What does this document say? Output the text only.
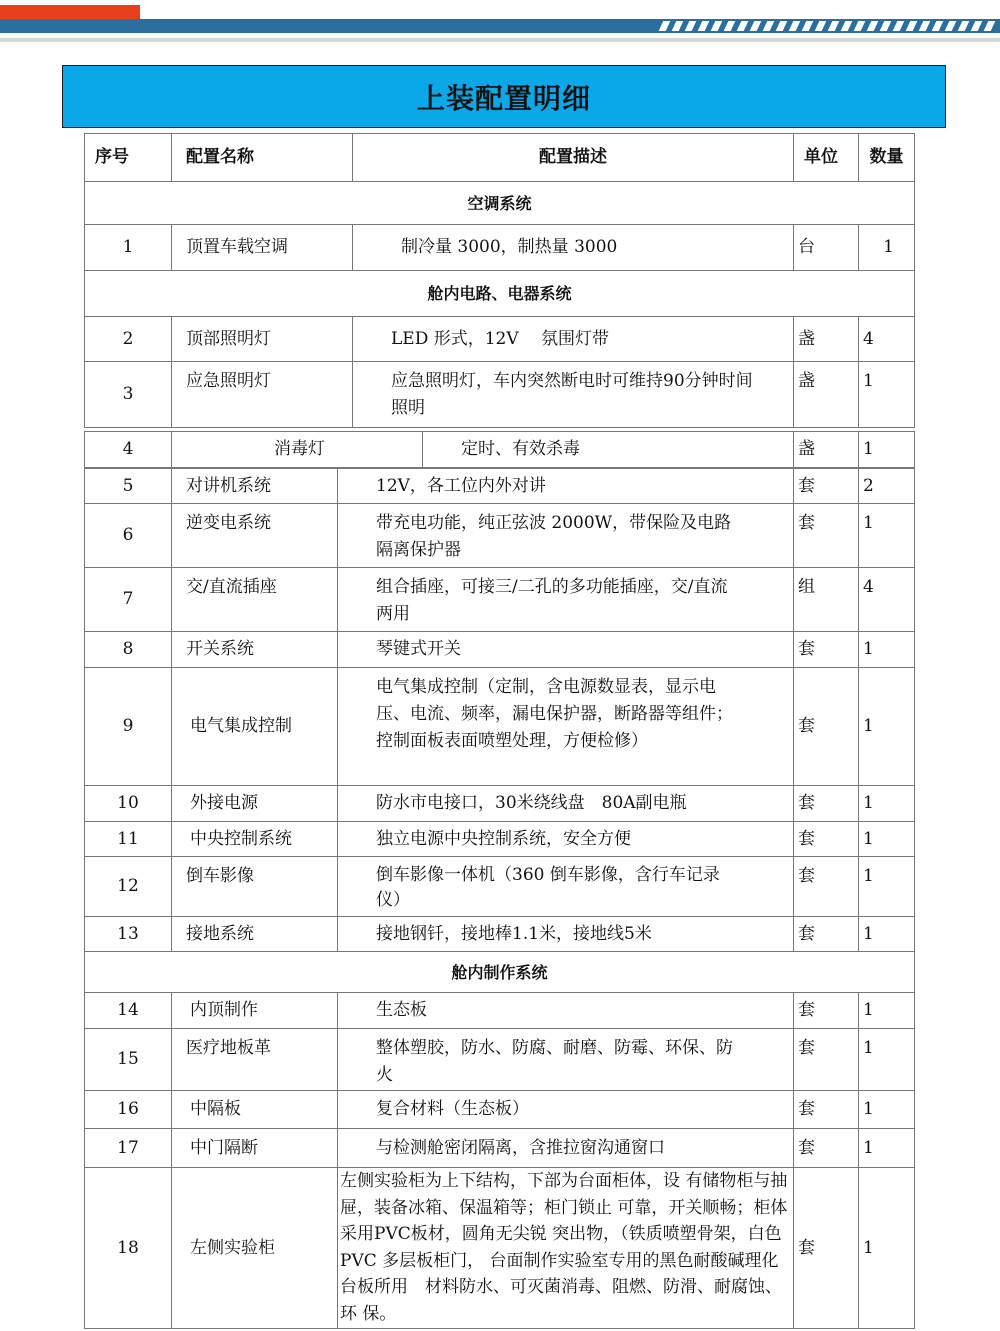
上装配置明细
序号	配置名称	配置描述	单位	数量

空调系统				
1	顶置车载空调	制冷量 3000，制热量 3000	台	1
舱内电路、电器系统				
2	顶部照明灯	LED 形式，12V　 氛围灯带	盏	4
3	应急照明灯	应急照明灯，车内突然断电时可维持90分钟时间照明	盏	1
4	消毒灯	定时、有效杀毒	盏	1
5	对讲机系统	12V，各工位内外对讲	套	2
6	逆变电系统	带充电功能，纯正弦波 2000W，带保险及电路隔离保护器	套	1
7	交/直流插座	组合插座，可接三/二孔的多功能插座，交/直流两用	组	4
8	开关系统	琴键式开关	套	1
9	电气集成控制	电气集成控制（定制，含电源数显表，显示电压、电流、频率，漏电保护器，断路器等组件；控制面板表面喷塑处理，方便检修）	套	1
10	外接电源	防水市电接口，30米绕线盘　80A副电瓶	套	1
11	中央控制系统	独立电源中央控制系统，安全方便	套	1
12	倒车影像	倒车影像一体机（360 倒车影像，含行车记录仪）	套	1
13	接地系统	接地钢钎，接地棒1.1米，接地线5米	套	1
舱内制作系统				
14	内顶制作	生态板	套	1
15	医疗地板革	整体塑胶，防水、防腐、耐磨、防霉、环保、防火	套	1
16	中隔板	复合材料（生态板）	套	1
17	中门隔断	与检测舱密闭隔离，含推拉窗沟通窗口	套	1
18	左侧实验柜	左侧实验柜为上下结构，下部为台面柜体，设 有储物柜与抽屉，装备冰箱、保温箱等；柜门锁止 可靠，开关顺畅；柜体采用PVC板材，圆角无尖锐 突出物，（铁质喷塑骨架，白色 PVC 多层板柜门， 台面制作实验室专用的黑色耐酸碱理化台板所用　材料防水、可灭菌消毒、阻燃、防滑、耐腐蚀、环 保。	套	1
